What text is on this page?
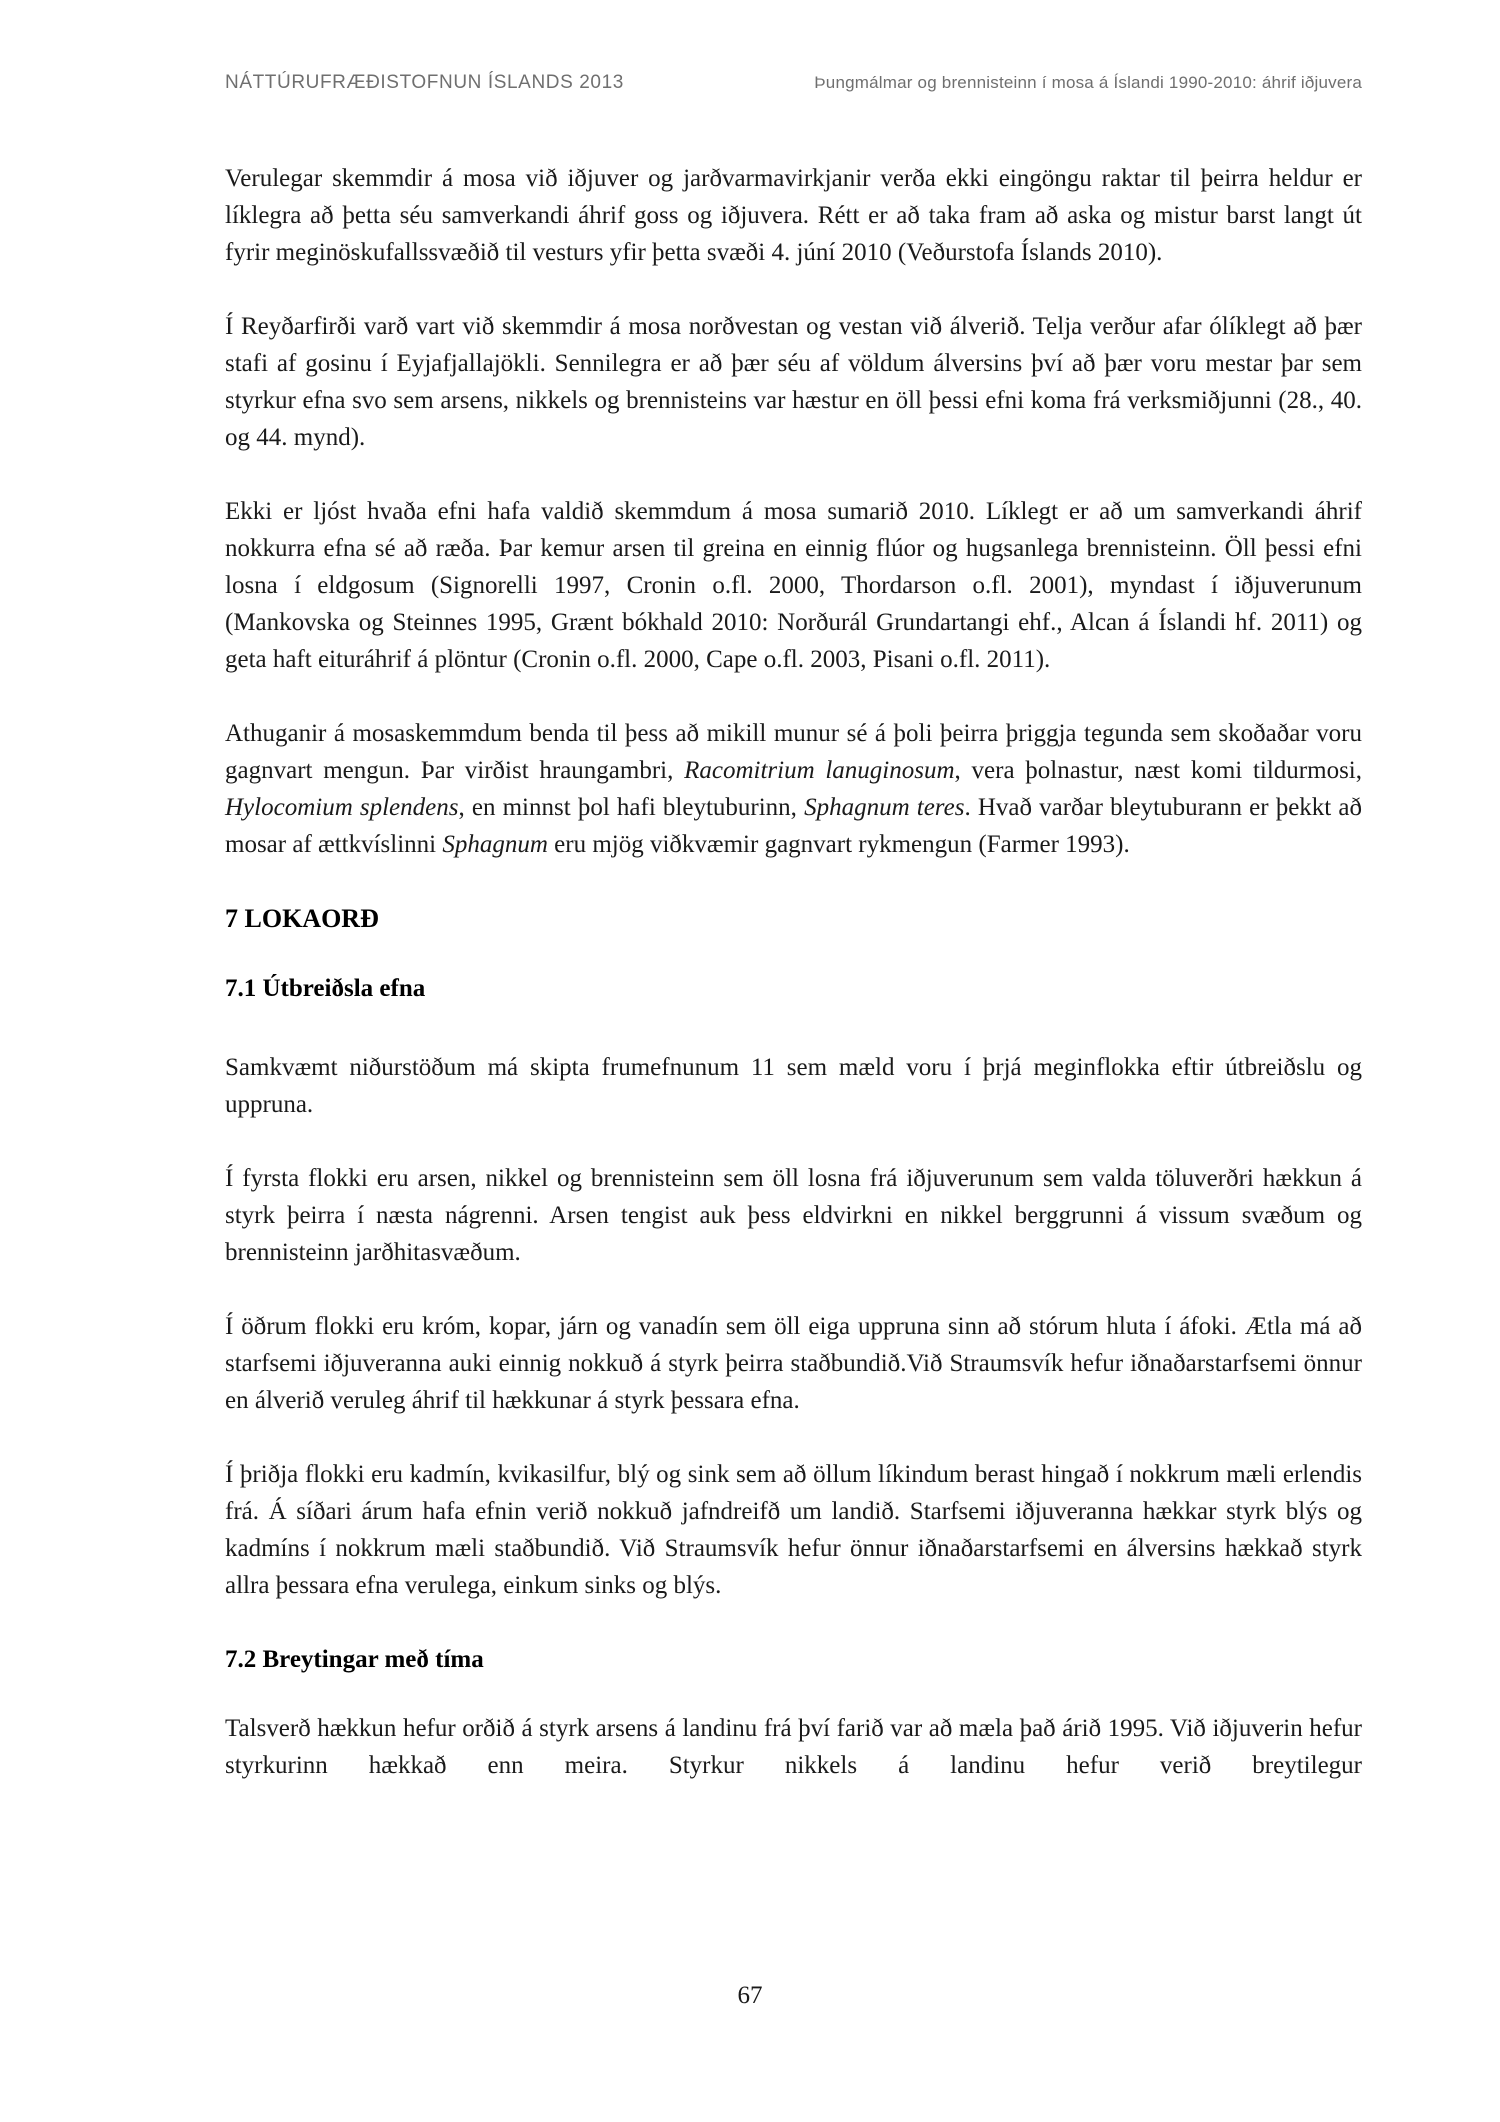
NÁTTÚRUFRÆÐISTOFNUN ÍSLANDS 2013	Þungmálmar og brennisteinn í mosa á Íslandi 1990-2010: áhrif iðjuvera

Verulegar skemmdir á mosa við iðjuver og jarðvarmavirkjanir verða ekki eingöngu raktar til þeirra heldur er líklegra að þetta séu samverkandi áhrif goss og iðjuvera. Rétt er að taka fram að aska og mistur barst langt út fyrir meginöskufallssvæðið til vesturs yfir þetta svæði 4. júní 2010 (Veðurstofa Íslands 2010).

Í Reyðarfirði varð vart við skemmdir á mosa norðvestan og vestan við álverið. Telja verður afar ólíklegt að þær stafi af gosinu í Eyjafjallajökli. Sennilegra er að þær séu af völdum álversins því að þær voru mestar þar sem styrkur efna svo sem arsens, nikkels og brennisteins var hæstur en öll þessi efni koma frá verksmiðjunni (28., 40. og 44. mynd).

Ekki er ljóst hvaða efni hafa valdið skemmdum á mosa sumarið 2010. Líklegt er að um samverkandi áhrif nokkurra efna sé að ræða. Þar kemur arsen til greina en einnig flúor og hugsanlega brennisteinn. Öll þessi efni losna í eldgosum (Signorelli 1997, Cronin o.fl. 2000, Thordarson o.fl. 2001), myndast í iðjuverunum (Mankovska og Steinnes 1995, Grænt bókhald 2010: Norðurál Grundartangi ehf., Alcan á Íslandi hf. 2011) og geta haft eituráhrif á plöntur (Cronin o.fl. 2000, Cape o.fl. 2003, Pisani o.fl. 2011).

Athuganir á mosaskemmdum benda til þess að mikill munur sé á þoli þeirra þriggja tegunda sem skoðaðar voru gagnvart mengun. Þar virðist hraungambri, Racomitrium lanuginosum, vera þolnastur, næst komi tildurmosi, Hylocomium splendens, en minnst þol hafi bleytuburinn, Sphagnum teres. Hvað varðar bleytuburann er þekkt að mosar af ættkvíslinni Sphagnum eru mjög viðkvæmir gagnvart rykmengun (Farmer 1993).

7 LOKAORÐ
7.1 Útbreiðsla efna

Samkvæmt niðurstöðum má skipta frumefnunum 11 sem mæld voru í þrjá meginflokka eftir útbreiðslu og uppruna.

Í fyrsta flokki eru arsen, nikkel og brennisteinn sem öll losna frá iðjuverunum sem valda töluverðri hækkun á styrk þeirra í næsta nágrenni. Arsen tengist auk þess eldvirkni en nikkel berggrunni á vissum svæðum og brennisteinn jarðhitasvæðum.

Í öðrum flokki eru króm, kopar, járn og vanadín sem öll eiga uppruna sinn að stórum hluta í áfoki. Ætla má að starfsemi iðjuveranna auki einnig nokkuð á styrk þeirra staðbundið.Við Straumsvík hefur iðnaðarstarfsemi önnur en álverið veruleg áhrif til hækkunar á styrk þessara efna.

Í þriðja flokki eru kadmín, kvikasilfur, blý og sink sem að öllum líkindum berast hingað í nokkrum mæli erlendis frá. Á síðari árum hafa efnin verið nokkuð jafndreifð um landið. Starfsemi iðjuveranna hækkar styrk blýs og kadmíns í nokkrum mæli staðbundið. Við Straumsvík hefur önnur iðnaðarstarfsemi en álversins hækkað styrk allra þessara efna verulega, einkum sinks og blýs.

7.2 Breytingar með tíma

Talsverð hækkun hefur orðið á styrk arsens á landinu frá því farið var að mæla það árið 1995. Við iðjuverin hefur styrkurinn hækkað enn meira. Styrkur nikkels á landinu hefur verið breytilegur

67
